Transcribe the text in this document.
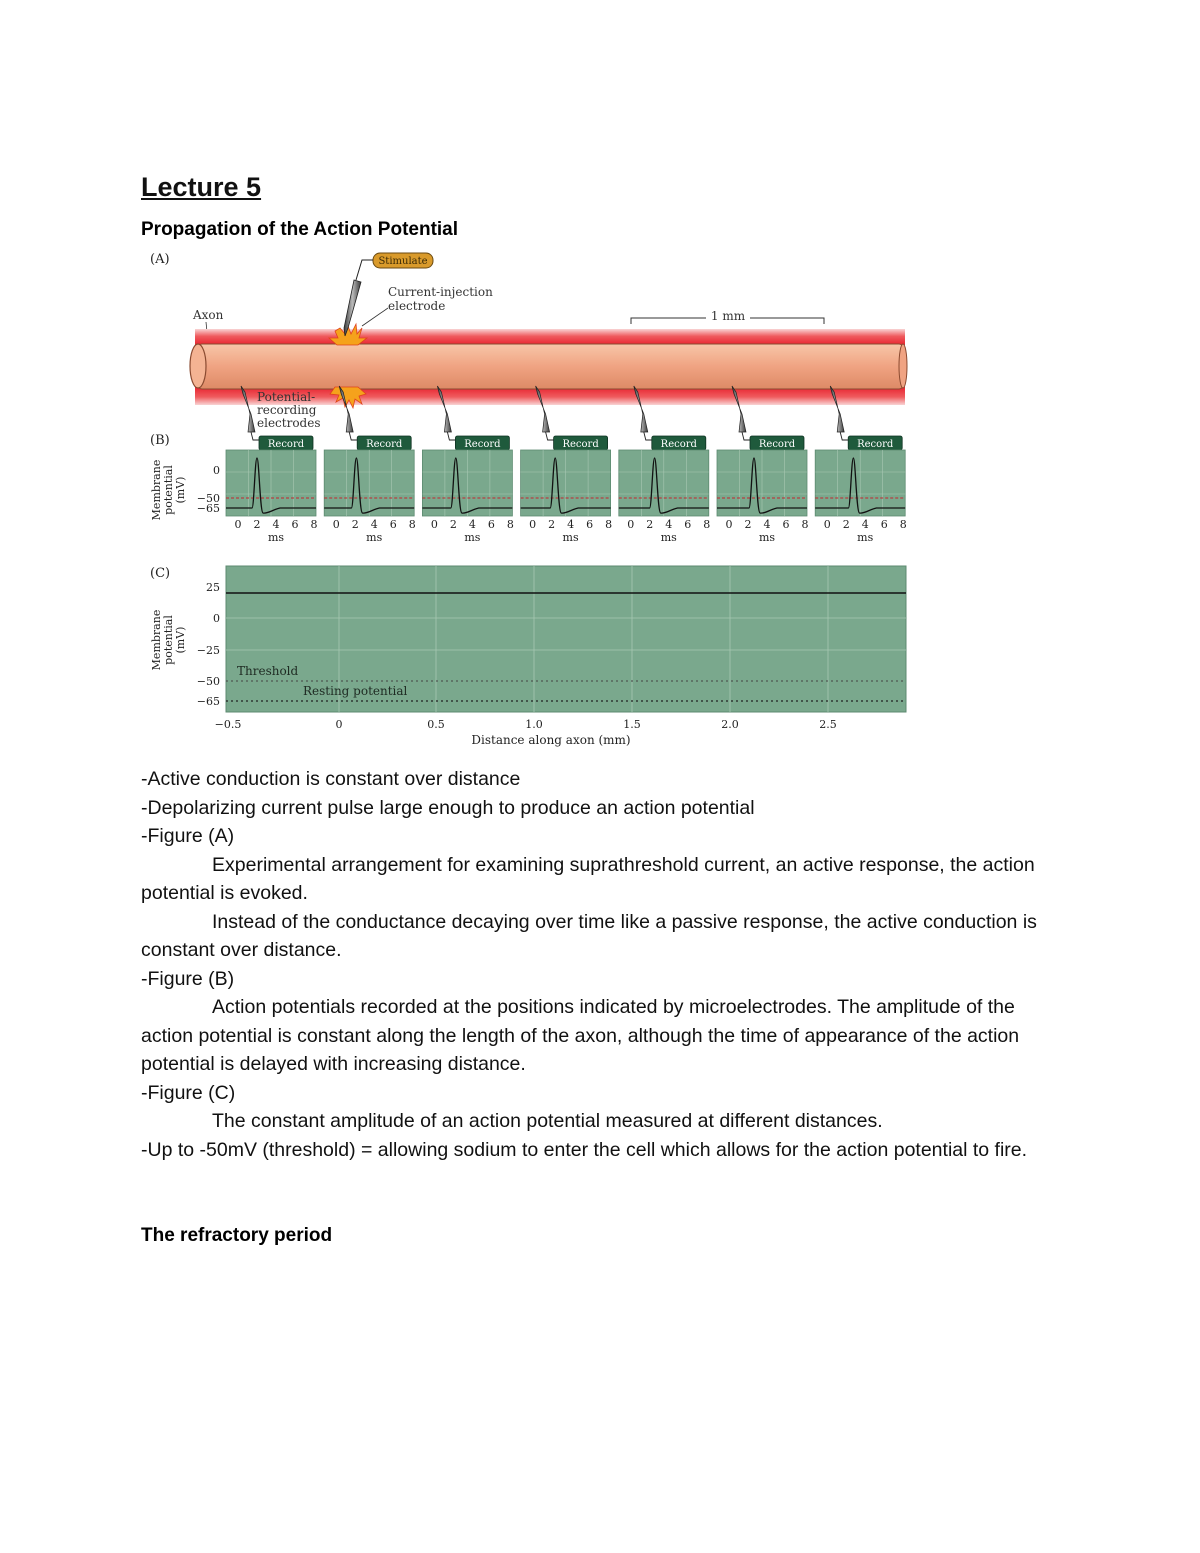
Lecture 5
Propagation of the Action Potential
(A)	Stimulate
Current-injection
electrode
Axon	1 mm
Potential-
recording
electrodes
(B)
Membrane potential (mV)
0
−50
−65
Record
0 2 4 6 8
ms
Record
0 2 4 6 8
ms
Record
0 2 4 6 8
ms
Record
0 2 4 6 8
ms
Record
0 2 4 6 8
ms
Record
0 2 4 6 8
ms
Record
0 2 4 6 8
ms
(C)
Threshold
Resting potential
Membrane potential (mV)
25
0
−25
−50
−65
−0.5	0	0.5	1.0	1.5	2.0	2.5
Distance along axon (mm)

-Active conduction is constant over distance

-Depolarizing current pulse large enough to produce an action potential

-Figure (A)

Experimental arrangement for examining suprathreshold current, an active response, the action potential is evoked.

Instead of the conductance decaying over time like a passive response, the active conduction is constant over distance.

-Figure (B)

Action potentials recorded at the positions indicated by microelectrodes. The amplitude of the action potential is constant along the length of the axon, although the time of appearance of the action potential is delayed with increasing distance.

-Figure (C)

The constant amplitude of an action potential measured at different distances.

-Up to -50mV (threshold) = allowing sodium to enter the cell which allows for the action potential to fire.

The refractory period
